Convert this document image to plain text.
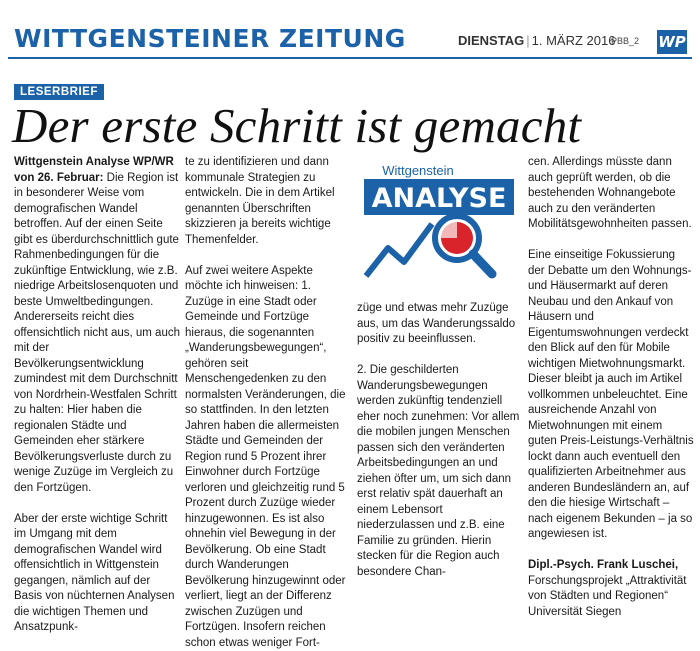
WITTGENSTEINER ZEITUNG	DIENSTAG | 1. MÄRZ 2016
PBB_2 WP
LESERBRIEF
Der erste Schritt ist gemacht

Wittgenstein Analyse WP/WR von 26. Februar: Die Region ist in besonderer Weise vom demografischen Wandel betroffen. Auf der einen Seite gibt es überdurchschnittlich gute Rahmenbedingungen für die zukünftige Entwicklung, wie z.B. niedrige Arbeitslosenquoten und beste Umweltbedingungen. Andererseits reicht dies offensichtlich nicht aus, um auch mit der Bevölkerungsentwicklung zumindest mit dem Durchschnitt von Nordrhein-Westfalen Schritt zu halten: Hier haben die regionalen Städte und Gemeinden eher stärkere Bevölkerungsverluste durch zu wenige Zuzüge im Vergleich zu den Fortzügen.

Aber der erste wichtige Schritt im Umgang mit dem demografischen Wandel wird offensichtlich in Wittgenstein gegangen, nämlich auf der Basis von nüchternen Analysen die wichtigen Themen und Ansatzpunk-

te zu identifizieren und dann kommunale Strategien zu entwickeln. Die in dem Artikel genannten Überschriften skizzieren ja bereits wichtige Themenfelder.

Auf zwei weitere Aspekte möchte ich hinweisen: 1. Zuzüge in eine Stadt oder Gemeinde und Fortzüge hieraus, die sogenannten „Wanderungsbewegungen“, gehören seit Menschengedenken zu den normalsten Veränderungen, die so stattfinden. In den letzten Jahren haben die allermeisten Städte und Gemeinden der Region rund 5 Prozent ihrer Einwohner durch Fortzüge verloren und gleichzeitig rund 5 Prozent durch Zuzüge wieder hinzugewonnen. Es ist also ohnehin viel Bewegung in der Bevölkerung. Ob eine Stadt durch Wanderungen Bevölkerung hinzugewinnt oder verliert, liegt an der Differenz zwischen Zuzügen und Fortzügen. Insofern reichen schon etwas weniger Fort-

Wittgenstein
ANALYSE

züge und etwas mehr Zuzüge aus, um das Wanderungssaldo positiv zu beeinflussen.

2. Die geschilderten Wanderungsbewegungen werden zukünftig tendenziell eher noch zunehmen: Vor allem die mobilen jungen Menschen passen sich den veränderten Arbeitsbedingungen an und ziehen öfter um, um sich dann erst relativ spät dauerhaft an einem Lebensort niederzulassen und z.B. eine Familie zu gründen. Hierin stecken für die Region auch besondere Chan-

cen. Allerdings müsste dann auch geprüft werden, ob die bestehenden Wohnangebote auch zu den veränderten Mobilitätsgewohnheiten passen.

Eine einseitige Fokussierung der Debatte um den Wohnungs- und Häusermarkt auf deren Neubau und den Ankauf von Häusern und Eigentumswohnungen verdeckt den Blick auf den für Mobile wichtigen Mietwohnungsmarkt. Dieser bleibt ja auch im Artikel vollkommen unbeleuchtet. Eine ausreichende Anzahl von Mietwohnungen mit einem guten Preis-Leistungs-Verhältnis lockt dann auch eventuell den qualifizierten Arbeitnehmer aus anderen Bundesländern an, auf den die hiesige Wirtschaft – nach eigenem Bekunden – ja so angewiesen ist.

Dipl.-Psych. Frank Luschei,
Forschungsprojekt „Attraktivität von Städten und Regionen“ Universität Siegen
